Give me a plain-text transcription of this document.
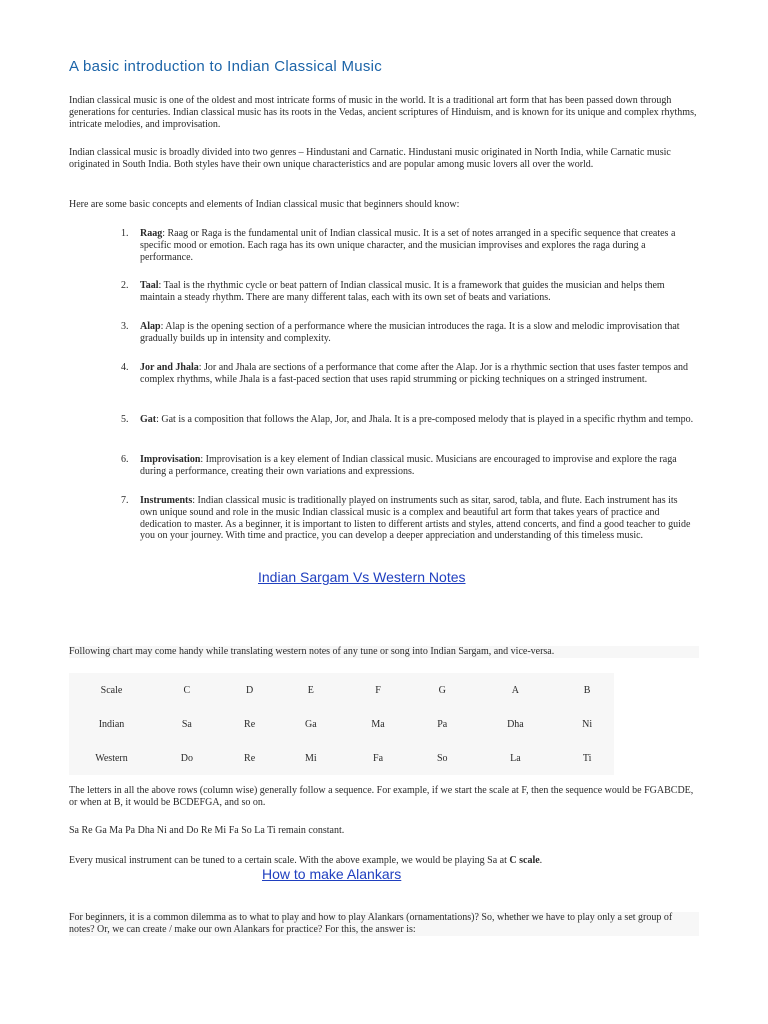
A basic introduction to Indian Classical Music

Indian classical music is one of the oldest and most intricate forms of music in the world. It is a traditional art form that has been passed down through generations for centuries. Indian classical music has its roots in the Vedas, ancient scriptures of Hinduism, and is known for its unique and complex rhythms, intricate melodies, and improvisation.

Indian classical music is broadly divided into two genres – Hindustani and Carnatic. Hindustani music originated in North India, while Carnatic music originated in South India. Both styles have their own unique characteristics and are popular among music lovers all over the world.

Here are some basic concepts and elements of Indian classical music that beginners should know:

1.	Raag: Raag or Raga is the fundamental unit of Indian classical music. It is a set of notes arranged in a specific sequence that creates a specific mood or emotion. Each raga has its own unique character, and the musician improvises and explores the raga during a performance.
2.	Taal: Taal is the rhythmic cycle or beat pattern of Indian classical music. It is a framework that guides the musician and helps them maintain a steady rhythm. There are many different talas, each with its own set of beats and variations.
3.	Alap: Alap is the opening section of a performance where the musician introduces the raga. It is a slow and melodic improvisation that gradually builds up in intensity and complexity.
4.	Jor and Jhala: Jor and Jhala are sections of a performance that come after the Alap. Jor is a rhythmic section that uses faster tempos and complex rhythms, while Jhala is a fast-paced section that uses rapid strumming or picking techniques on a stringed instrument.
5.	Gat: Gat is a composition that follows the Alap, Jor, and Jhala. It is a pre-composed melody that is played in a specific rhythm and tempo.
6.	Improvisation: Improvisation is a key element of Indian classical music. Musicians are encouraged to improvise and explore the raga during a performance, creating their own variations and expressions.
7.	Instruments: Indian classical music is traditionally played on instruments such as sitar, sarod, tabla, and flute. Each instrument has its own unique sound and role in the music Indian classical music is a complex and beautiful art form that takes years of practice and dedication to master. As a beginner, it is important to listen to different artists and styles, attend concerts, and find a good teacher to guide you on your journey. With time and practice, you can develop a deeper appreciation and understanding of this timeless music.
Indian Sargam Vs Western Notes

Following chart may come handy while translating western notes of any tune or song into Indian Sargam, and vice-versa.

Scale	C	D	E	F	G	A	B
Indian	Sa	Re	Ga	Ma	Pa	Dha	Ni
Western	Do	Re	Mi	Fa	So	La	Ti

The letters in all the above rows (column wise) generally follow a sequence. For example, if we start the scale at F, then the sequence would be FGABCDE, or when at B, it would be BCDEFGA, and so on.

Sa Re Ga Ma Pa Dha Ni and Do Re Mi Fa So La Ti remain constant.

Every musical instrument can be tuned to a certain scale. With the above example, we would be playing Sa at C scale.

How to make Alankars

For beginners, it is a common dilemma as to what to play and how to play Alankars (ornamentations)? So, whether we have to play only a set group of notes? Or, we can create / make our own Alankars for practice? For this, the answer is:
